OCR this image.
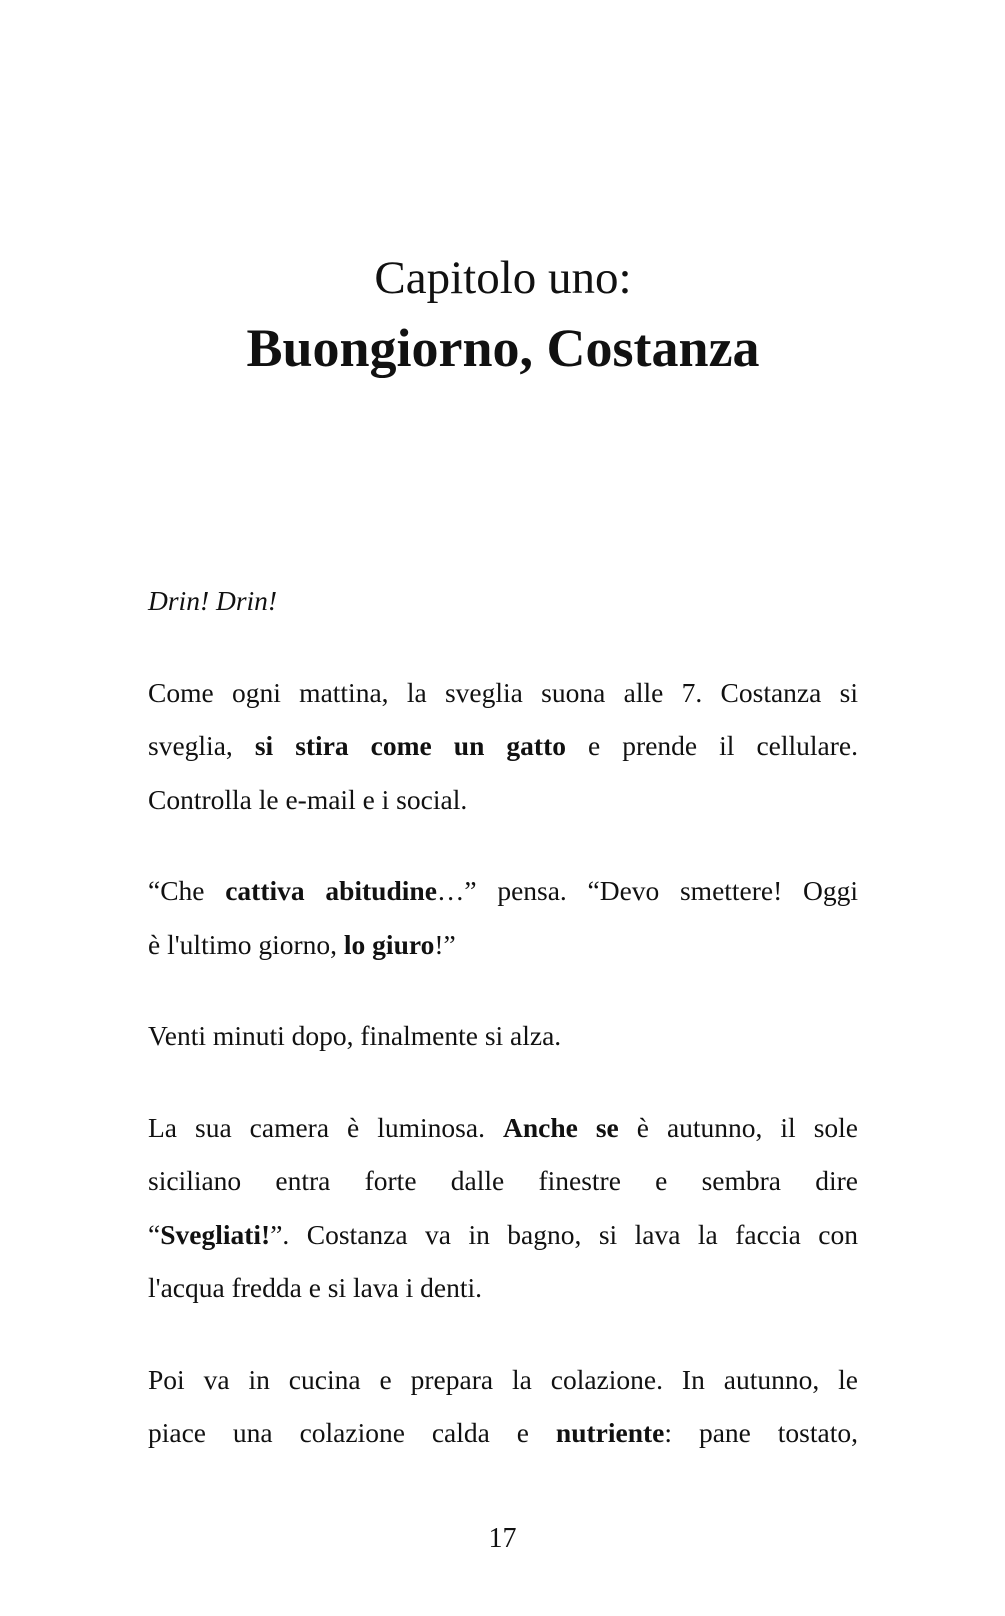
Capitolo uno:
Buongiorno, Costanza

Drin! Drin!

Come ogni mattina, la sveglia suona alle 7. Costanza si
sveglia, si stira come un gatto e prende il cellulare.
Controlla le e-mail e i social.

“Che cattiva abitudine…” pensa. “Devo smettere! Oggi
è l'ultimo giorno, lo giuro!”

Venti minuti dopo, finalmente si alza.

La sua camera è luminosa. Anche se è autunno, il sole
siciliano entra forte dalle finestre e sembra dire
“Svegliati!”. Costanza va in bagno, si lava la faccia con
l'acqua fredda e si lava i denti.

Poi va in cucina e prepara la colazione. In autunno, le
piace una colazione calda e nutriente: pane tostato,

17
